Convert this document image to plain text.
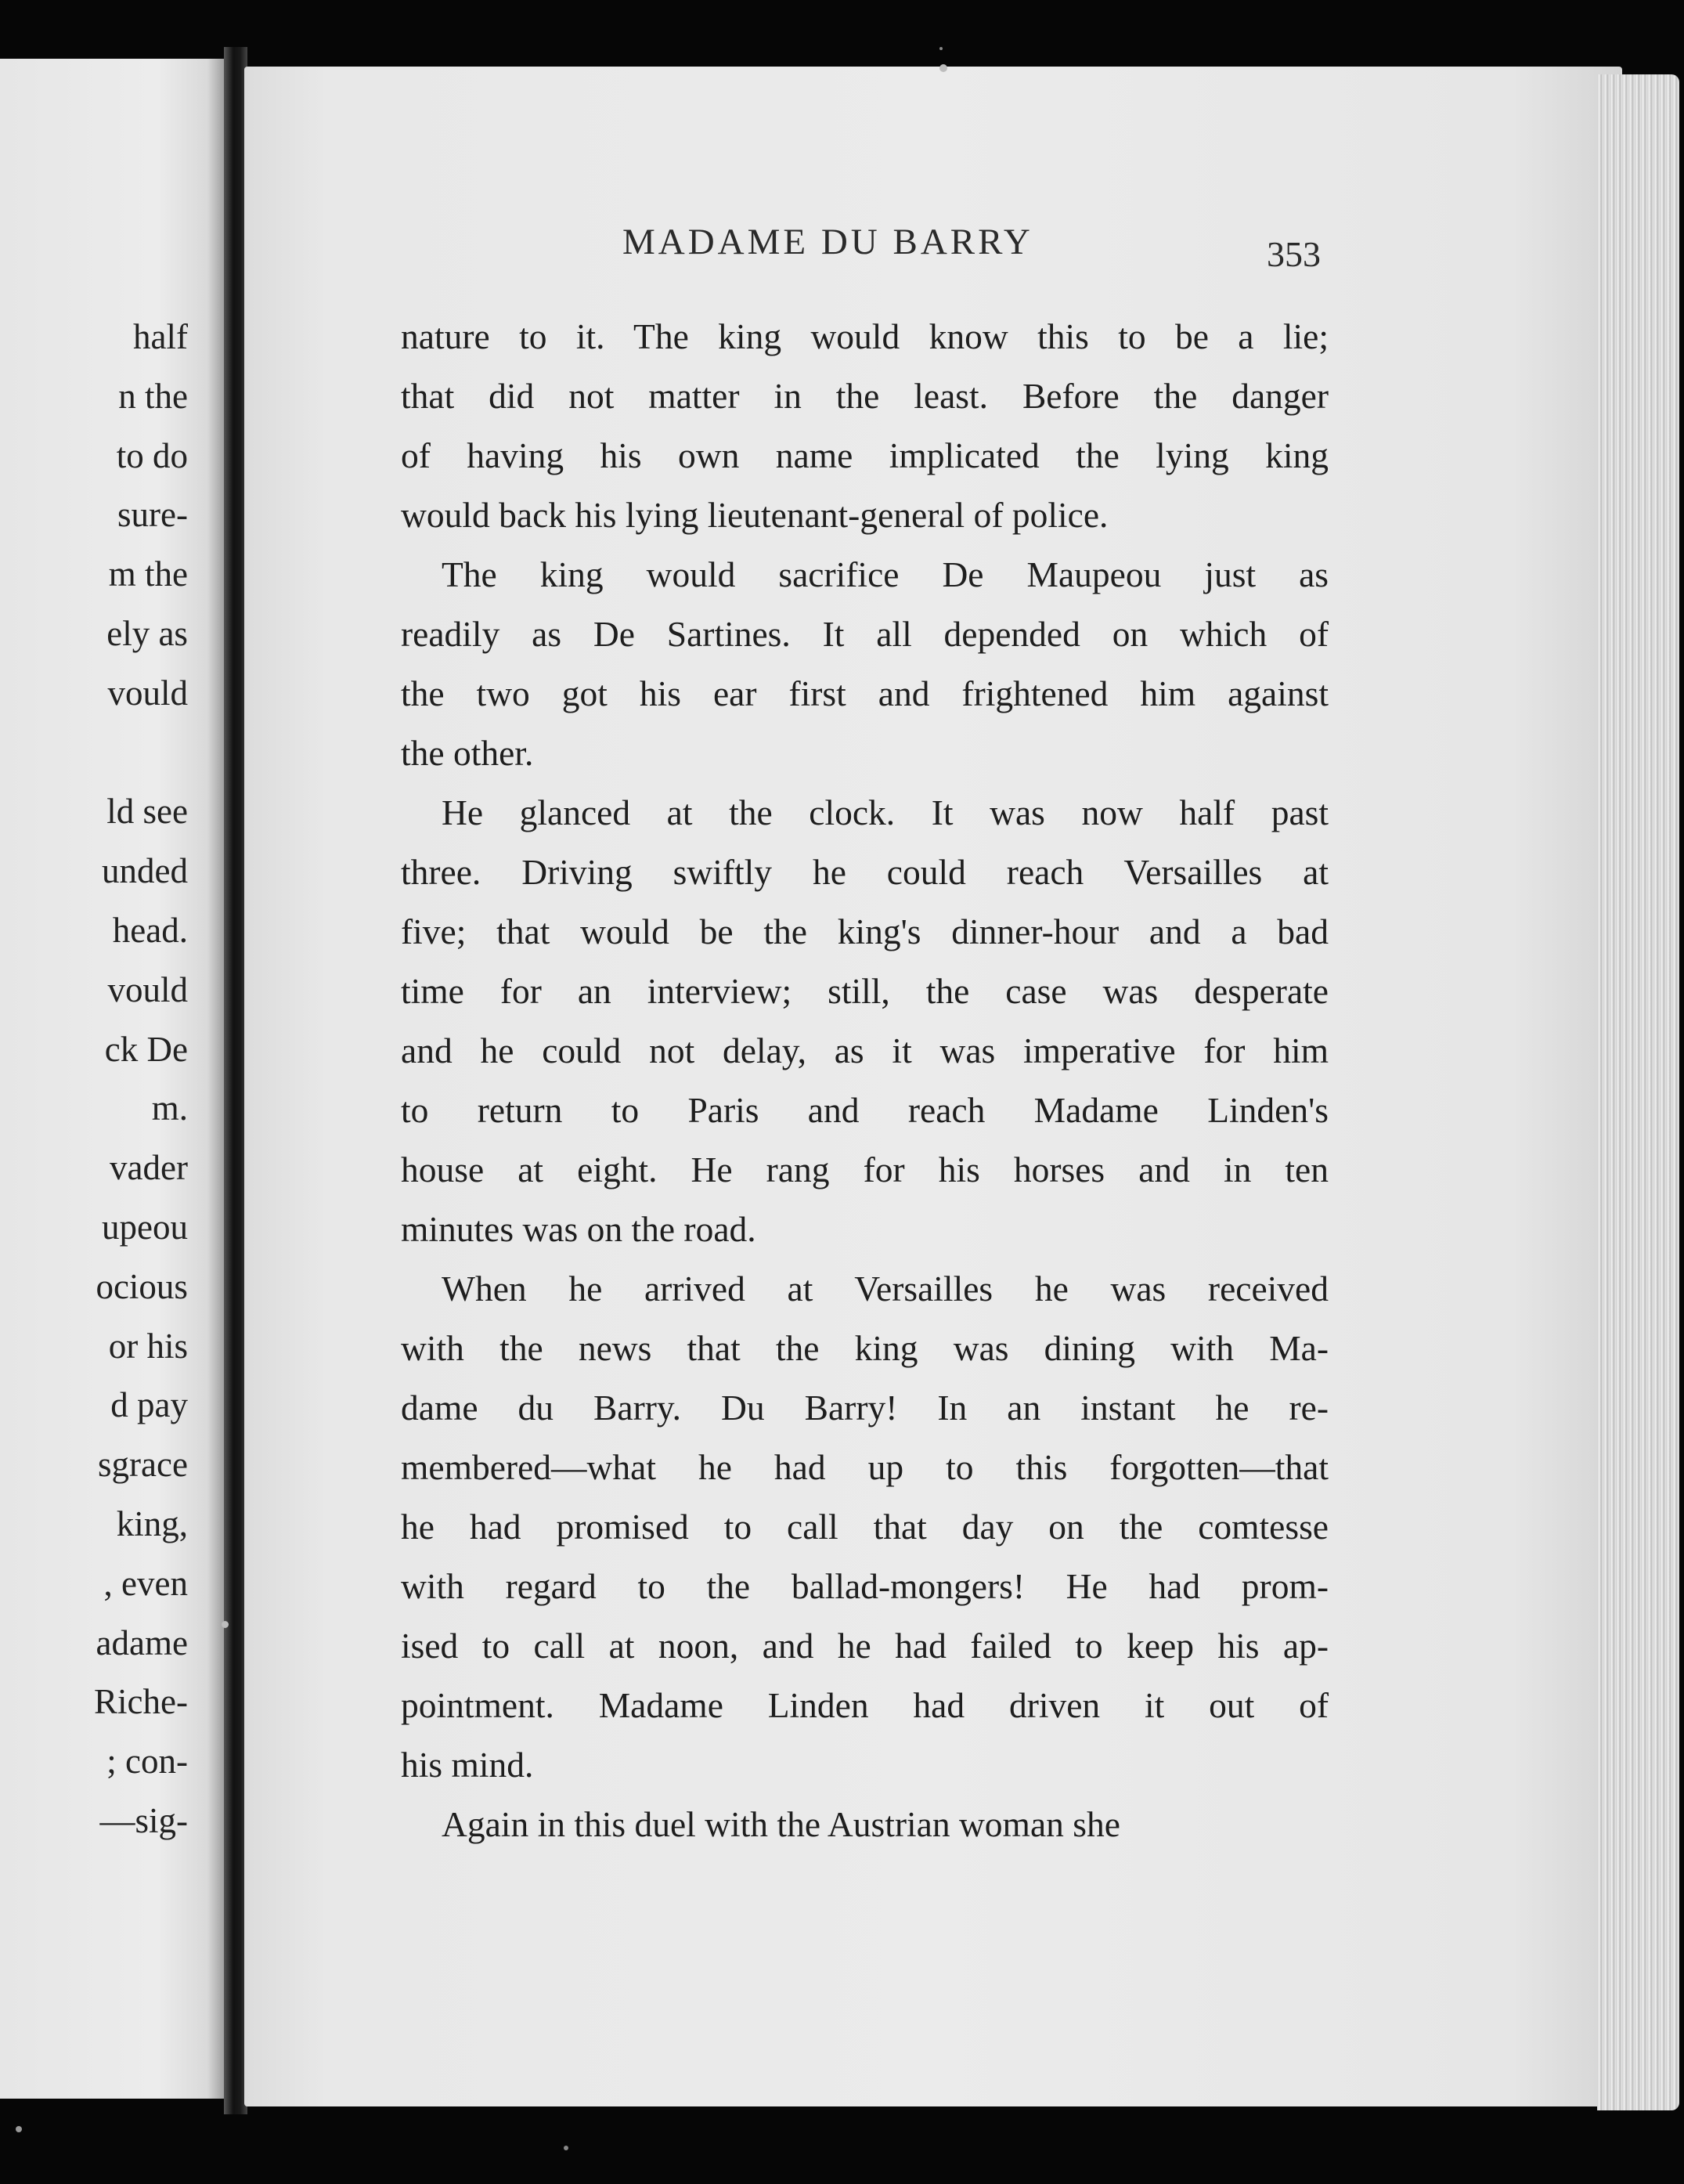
half
n the
to do
sure-
m the
ely as
vould
ld see
unded
head.
vould
ck De
m.
vader
upeou
ocious
or his
d pay
sgrace
king,
, even
adame
Riche-
; con-
—sig-
MADAME DU BARRY	353
nature to it. The king would know this to be a lie;
that did not matter in the least. Before the danger
of having his own name implicated the lying king
would back his lying lieutenant-general of police.
The king would sacrifice De Maupeou just as
readily as De Sartines. It all depended on which of
the two got his ear first and frightened him against
the other.
He glanced at the clock. It was now half past
three. Driving swiftly he could reach Versailles at
five; that would be the king's dinner-hour and a bad
time for an interview; still, the case was desperate
and he could not delay, as it was imperative for him
to return to Paris and reach Madame Linden's
house at eight. He rang for his horses and in ten
minutes was on the road.
When he arrived at Versailles he was received
with the news that the king was dining with Ma-
dame du Barry. Du Barry! In an instant he re-
membered—what he had up to this forgotten—that
he had promised to call that day on the comtesse
with regard to the ballad-mongers! He had prom-
ised to call at noon, and he had failed to keep his ap-
pointment. Madame Linden had driven it out of
his mind.
Again in this duel with the Austrian woman she
